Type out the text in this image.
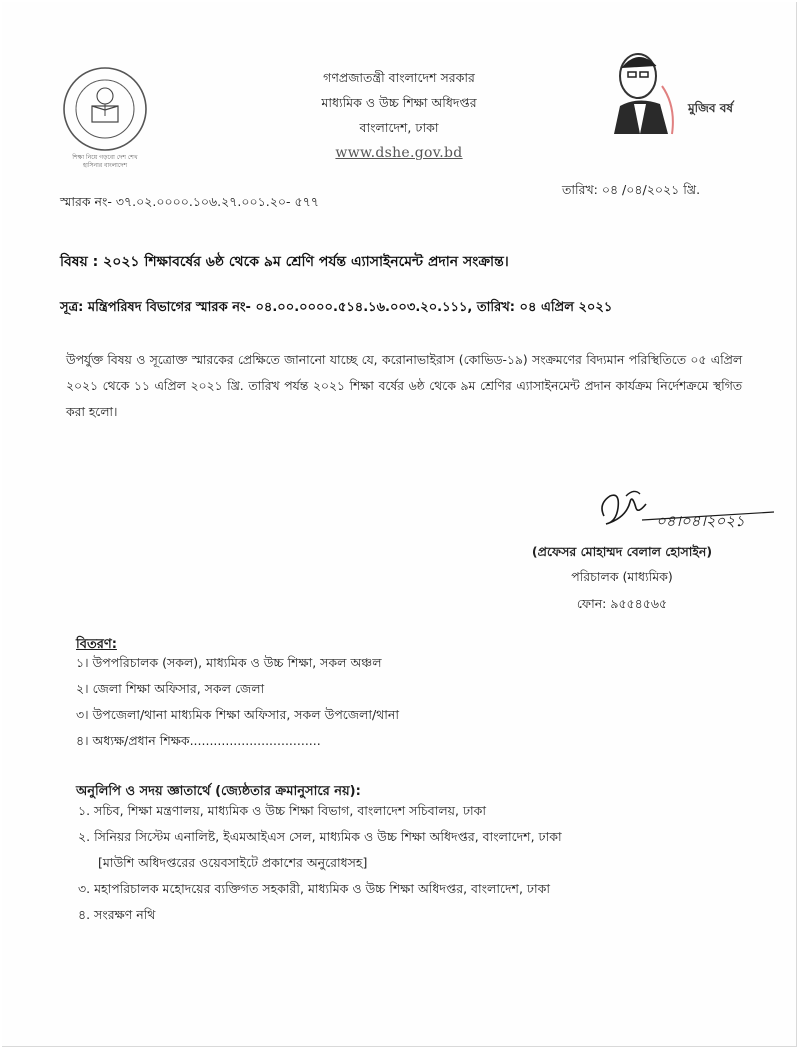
মুজিব বর্ষ
গণপ্রজাতন্ত্রী বাংলাদেশ সরকার
মাধ্যমিক ও উচ্চ শিক্ষা অধিদপ্তর
বাংলাদেশ, ঢাকা
www.dshe.gov.bd
স্মারক নং- ৩৭.০২.০০০০.১০৬.২৭.০০১.২০- ৫৭৭
তারিখ: ০৪ /০৪/২০২১ খ্রি.
বিষয় : ২০২১ শিক্ষাবর্ষের ৬ষ্ঠ থেকে ৯ম শ্রেণি পর্যন্ত এ্যাসাইনমেন্ট প্রদান সংক্রান্ত।
সূত্র: মন্ত্রিপরিষদ বিভাগের স্মারক নং- ০৪.০০.০০০০.৫১৪.১৬.০০৩.২০.১১১, তারিখ: ০৪ এপ্রিল ২০২১
উপর্যুক্ত বিষয় ও সূত্রোক্ত স্মারকের প্রেক্ষিতে জানানো যাচ্ছে যে, করোনাভাইরাস (কোভিড-১৯) সংক্রমণের বিদ্যমান পরিস্থিতিতে ০৫ এপ্রিল ২০২১ থেকে ১১ এপ্রিল ২০২১ খ্রি. তারিখ পর্যন্ত ২০২১ শিক্ষা বর্ষের ৬ষ্ঠ থেকে ৯ম শ্রেণির এ্যাসাইনমেন্ট প্রদান কার্যক্রম নির্দেশক্রমে স্থগিত করা হলো।
০৪।০৪।২০২১
(প্রফেসর মোহাম্মদ বেলাল হোসাইন)
পরিচালক (মাধ্যমিক)
ফোন: ৯৫৫৪৫৬৫
বিতরণ:
১। উপপরিচালক (সকল), মাধ্যমিক ও উচ্চ শিক্ষা, সকল অঞ্চল
২। জেলা শিক্ষা অফিসার, সকল জেলা
৩। উপজেলা/থানা মাধ্যমিক শিক্ষা অফিসার, সকল উপজেলা/থানা
৪। অধ্যক্ষ/প্রধান শিক্ষক.................................
অনুলিপি ও সদয় জ্ঞাতার্থে (জ্যেষ্ঠতার ক্রমানুসারে নয়):
১. সচিব, শিক্ষা মন্ত্রণালয়, মাধ্যমিক ও উচ্চ শিক্ষা বিভাগ, বাংলাদেশ সচিবালয়, ঢাকা
২. সিনিয়র সিস্টেম এনালিষ্ট, ইএমআইএস সেল, মাধ্যমিক ও উচ্চ শিক্ষা অধিদপ্তর, বাংলাদেশ, ঢাকা
[মাউশি অধিদপ্তরের ওয়েবসাইটে প্রকাশের অনুরোধসহ]
৩. মহাপরিচালক মহোদয়ের ব্যক্তিগত সহকারী, মাধ্যমিক ও উচ্চ শিক্ষা অধিদপ্তর, বাংলাদেশ, ঢাকা
৪. সংরক্ষণ নথি
শিক্ষা নিয়ে গড়বো দেশ শেখ হাসিনার বাংলাদেশ
